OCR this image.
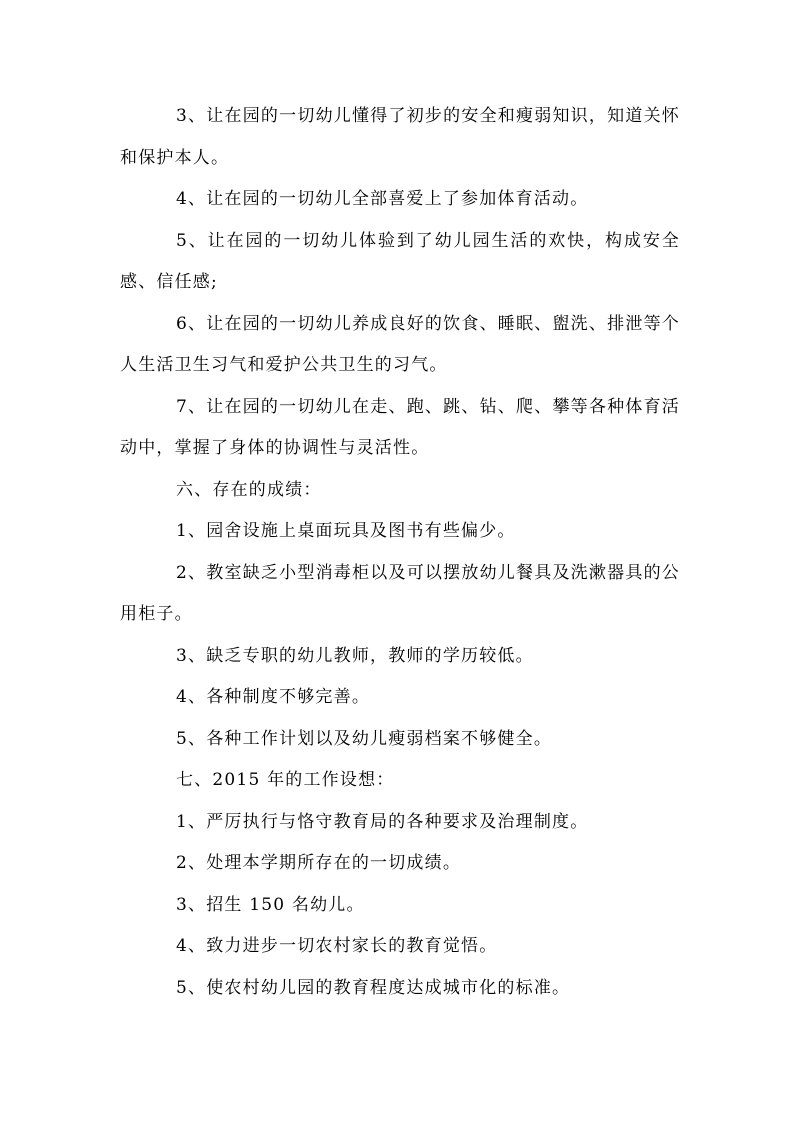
3、让在园的一切幼儿懂得了初步的安全和瘦弱知识，知道关怀和保护本人。

4、让在园的一切幼儿全部喜爱上了参加体育活动。

5、让在园的一切幼儿体验到了幼儿园生活的欢快，构成安全感、信任感;

6、让在园的一切幼儿养成良好的饮食、睡眠、盥洗、排泄等个人生活卫生习气和爱护公共卫生的习气。

7、让在园的一切幼儿在走、跑、跳、钻、爬、攀等各种体育活动中，掌握了身体的协调性与灵活性。

六、存在的成绩：

1、园舍设施上桌面玩具及图书有些偏少。

2、教室缺乏小型消毒柜以及可以摆放幼儿餐具及洗漱器具的公用柜子。

3、缺乏专职的幼儿教师，教师的学历较低。

4、各种制度不够完善。

5、各种工作计划以及幼儿瘦弱档案不够健全。

七、2015 年的工作设想：

1、严厉执行与恪守教育局的各种要求及治理制度。

2、处理本学期所存在的一切成绩。

3、招生 150 名幼儿。

4、致力进步一切农村家长的教育觉悟。

5、使农村幼儿园的教育程度达成城市化的标准。
